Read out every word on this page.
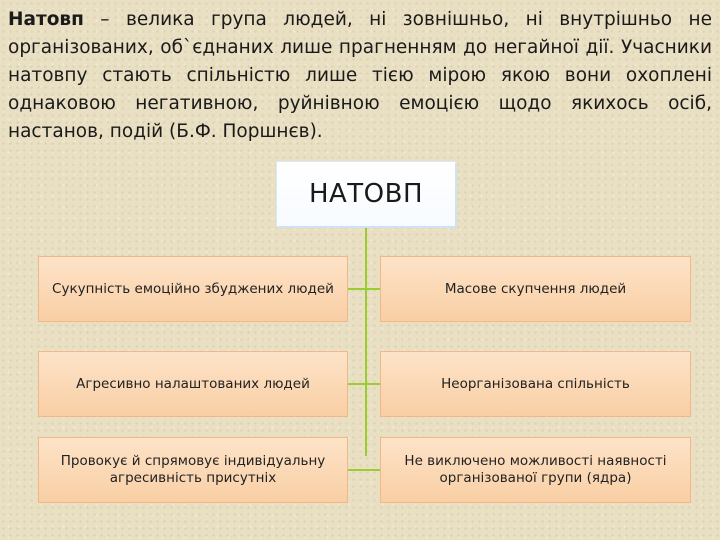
Натовп – велика група людей, ні зовнішньо, ні внутрішньо не організованих, об`єднаних лише прагненням до негайної дії. Учасники натовпу стають спільністю лише тією мірою якою вони охоплені однаковою негативною, руйнівною емоцією щодо якихось осіб, настанов, подій (Б.Ф. Поршнєв).
НАТОВП
Сукупність емоційно збуджених людей	Масове скупчення людей
Агресивно налаштованих людей	Неорганізована спільність
Провокує й спрямовує індивідуальну агресивність присутніх
Не виключено можливості наявності організованої групи (ядра)
